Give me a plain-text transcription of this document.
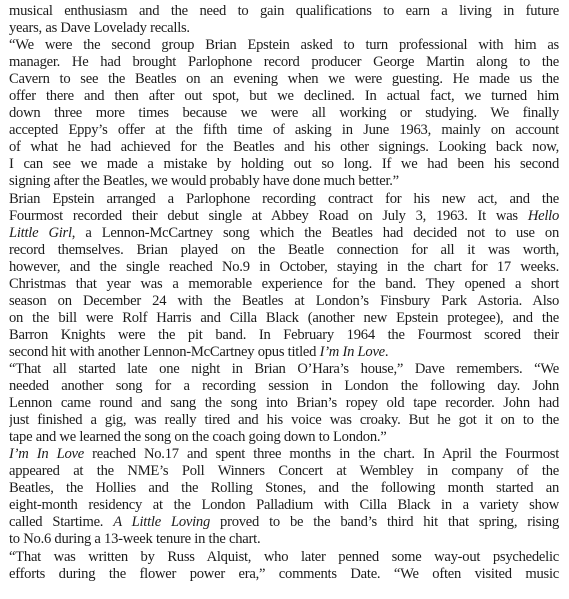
musical enthusiasm and the need to gain qualifications to earn a living in future
years, as Dave Lovelady recalls.
“We were the second group Brian Epstein asked to turn professional with him as
manager. He had brought Parlophone record producer George Martin along to the
Cavern to see the Beatles on an evening when we were guesting. He made us the
offer there and then after out spot, but we declined. In actual fact, we turned him
down three more times because we were all working or studying. We finally
accepted Eppy’s offer at the fifth time of asking in June 1963, mainly on account
of what he had achieved for the Beatles and his other signings. Looking back now,
I can see we made a mistake by holding out so long. If we had been his second
signing after the Beatles, we would probably have done much better.”
Brian Epstein arranged a Parlophone recording contract for his new act, and the
Fourmost recorded their debut single at Abbey Road on July 3, 1963. It was Hello
Little Girl, a Lennon-McCartney song which the Beatles had decided not to use on
record themselves. Brian played on the Beatle connection for all it was worth,
however, and the single reached No.9 in October, staying in the chart for 17 weeks.
Christmas that year was a memorable experience for the band. They opened a short
season on December 24 with the Beatles at London’s Finsbury Park Astoria. Also
on the bill were Rolf Harris and Cilla Black (another new Epstein protegee), and the
Barron Knights were the pit band. In February 1964 the Fourmost scored their
second hit with another Lennon-McCartney opus titled I’m In Love.
“That all started late one night in Brian O’Hara’s house,” Dave remembers. “We
needed another song for a recording session in London the following day. John
Lennon came round and sang the song into Brian’s ropey old tape recorder. John had
just finished a gig, was really tired and his voice was croaky. But he got it on to the
tape and we learned the song on the coach going down to London.”
I’m In Love reached No.17 and spent three months in the chart. In April the Fourmost
appeared at the NME’s Poll Winners Concert at Wembley in company of the
Beatles, the Hollies and the Rolling Stones, and the following month started an
eight-month residency at the London Palladium with Cilla Black in a variety show
called Startime. A Little Loving proved to be the band’s third hit that spring, rising
to No.6 during a 13-week tenure in the chart.
“That was written by Russ Alquist, who later penned some way-out psychedelic
efforts during the flower power era,” comments Date. “We often visited music
